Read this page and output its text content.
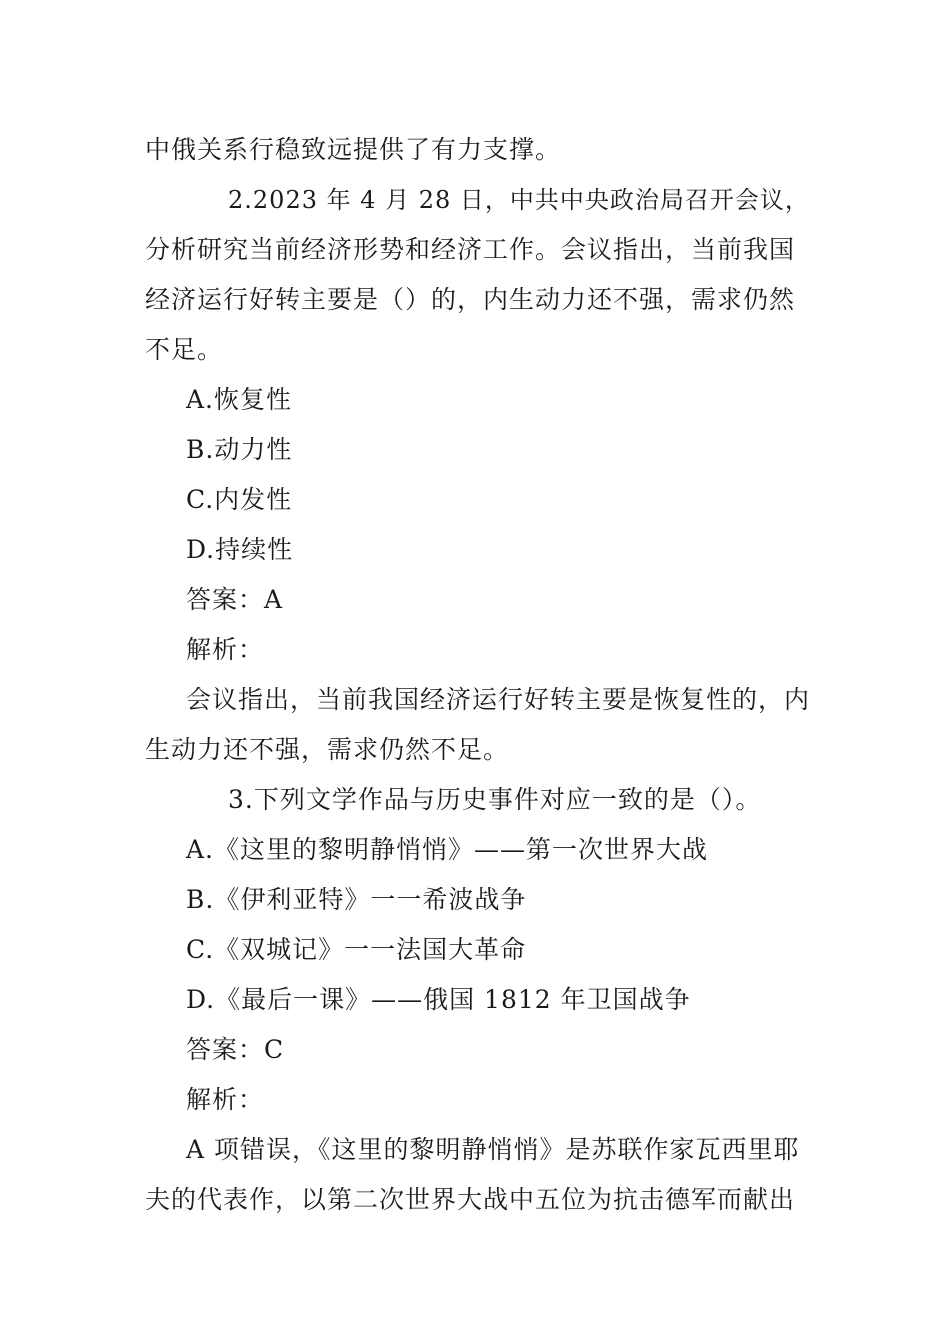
中俄关系行稳致远提供了有力支撑。
2.2023 年 4 月 28 日，中共中央政治局召开会议，
分析研究当前经济形势和经济工作。会议指出，当前我国
经济运行好转主要是（）的，内生动力还不强，需求仍然
不足。
A.恢复性
B.动力性
C.内发性
D.持续性
答案：A
解析：
会议指出，当前我国经济运行好转主要是恢复性的，内
生动力还不强，需求仍然不足。
3.下列文学作品与历史事件对应一致的是（）。
A.《这里的黎明静悄悄》——第一次世界大战
B.《伊利亚特》一一希波战争
C.《双城记》一一法国大革命
D.《最后一课》——俄国 1812 年卫国战争
答案：C
解析：
A 项错误，《这里的黎明静悄悄》是苏联作家瓦西里耶
夫的代表作，以第二次世界大战中五位为抗击德军而献出
